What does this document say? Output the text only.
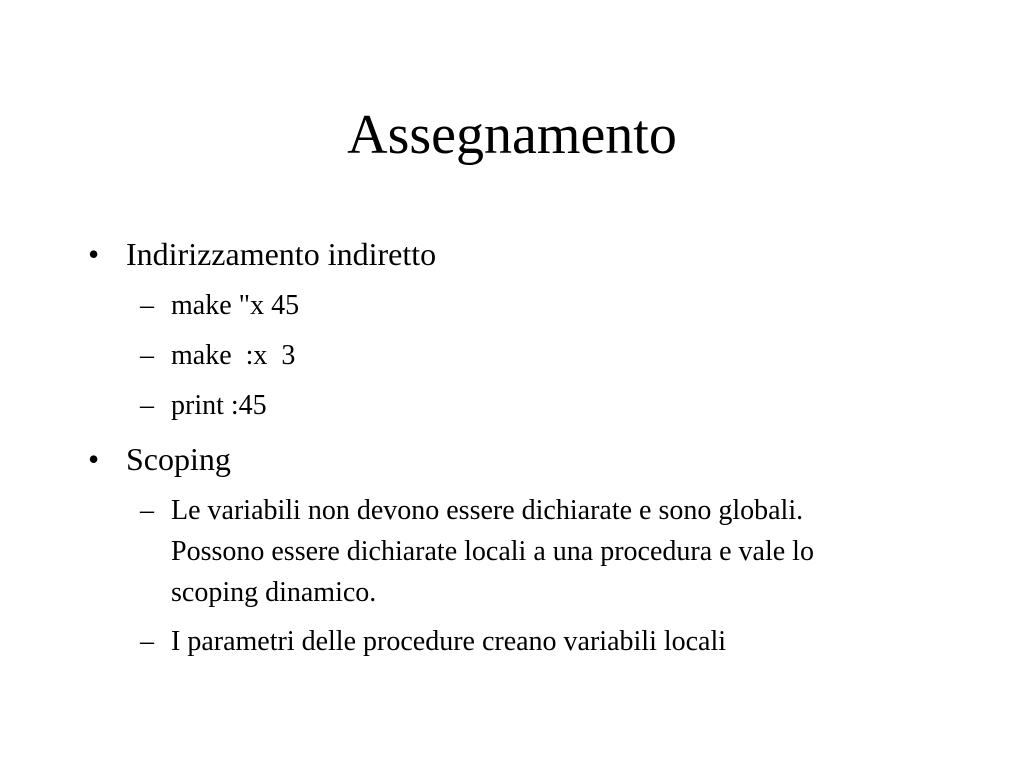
Assegnamento
• Indirizzamento indiretto
– make "x 45
– make  :x  3
– print :45
• Scoping
– Le variabili non devono essere dichiarate e sono globali. Possono essere dichiarate locali a una procedura e vale lo scoping dinamico.
– I parametri delle procedure creano variabili locali
